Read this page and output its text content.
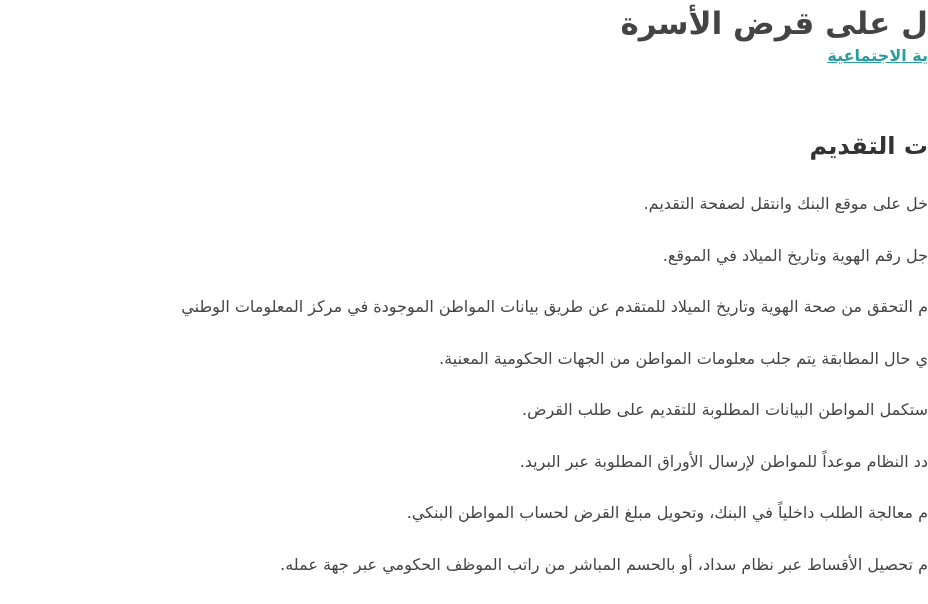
ل على قرض الأسرة
ية الاجتماعية
ت التقديم
خل على موقع البنك وانتقل لصفحة التقديم.
جل رقم الهوية وتاريخ الميلاد في الموقع.
م التحقق من صحة الهوية وتاريخ الميلاد للمتقدم عن طريق بيانات المواطن الموجودة في مركز المعلومات الوطني
ي حال المطابقة يتم جلب معلومات المواطن من الجهات الحكومية المعنية.
ستكمل المواطن البيانات المطلوبة للتقديم على طلب القرض.
دد النظام موعداً للمواطن لإرسال الأوراق المطلوبة عبر البريد.
م معالجة الطلب داخلياً في البنك، وتحويل مبلغ القرض لحساب المواطن البنكي.
م تحصيل الأقساط عبر نظام سداد، أو بالحسم المباشر من راتب الموظف الحكومي عبر جهة عمله.
